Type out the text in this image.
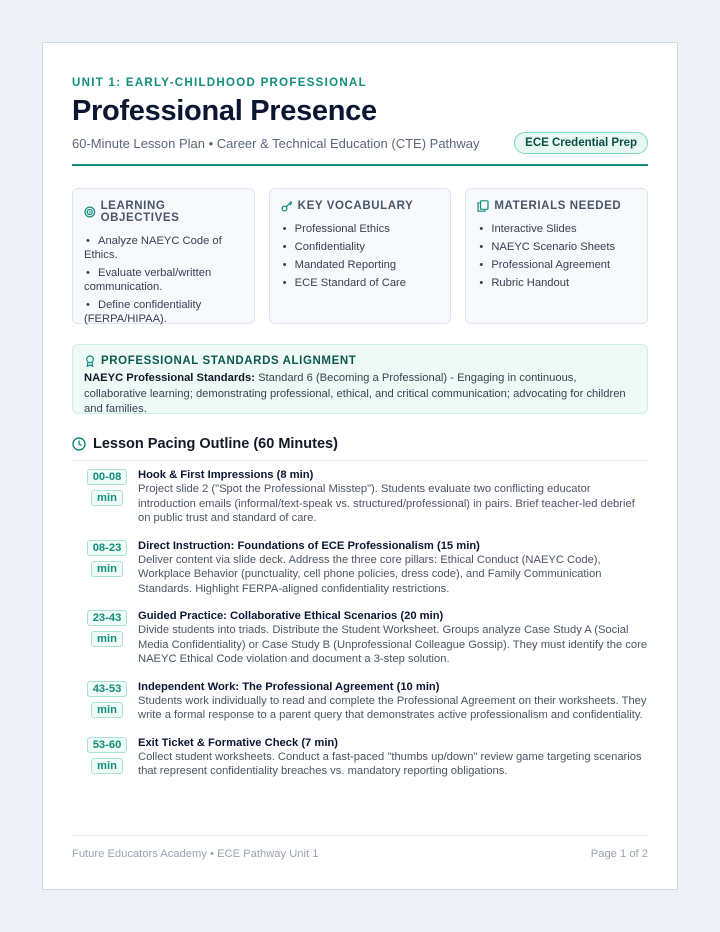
UNIT 1: EARLY-CHILDHOOD PROFESSIONAL
Professional Presence
60-Minute Lesson Plan • Career & Technical Education (CTE) Pathway	ECE Credential Prep
LEARNING OBJECTIVES
• Analyze NAEYC Code of Ethics.
• Evaluate verbal/written communication.
• Define confidentiality (FERPA/HIPAA).
KEY VOCABULARY
• Professional Ethics
• Confidentiality
• Mandated Reporting
• ECE Standard of Care
MATERIALS NEEDED
• Interactive Slides
• NAEYC Scenario Sheets
• Professional Agreement
• Rubric Handout
PROFESSIONAL STANDARDS ALIGNMENT

NAEYC Professional Standards: Standard 6 (Becoming a Professional) - Engaging in continuous, collaborative learning; demonstrating professional, ethical, and critical communication; advocating for children and families.

Lesson Pacing Outline (60 Minutes)
00-08
min
Hook & First Impressions (8 min)
Project slide 2 ("Spot the Professional Misstep"). Students evaluate two conflicting educator introduction emails (informal/text-speak vs. structured/professional) in pairs. Brief teacher-led debrief on public trust and standard of care.
08-23
min
Direct Instruction: Foundations of ECE Professionalism (15 min)
Deliver content via slide deck. Address the three core pillars: Ethical Conduct (NAEYC Code), Workplace Behavior (punctuality, cell phone policies, dress code), and Family Communication Standards. Highlight FERPA-aligned confidentiality restrictions.
23-43
min
Guided Practice: Collaborative Ethical Scenarios (20 min)
Divide students into triads. Distribute the Student Worksheet. Groups analyze Case Study A (Social Media Confidentiality) or Case Study B (Unprofessional Colleague Gossip). They must identify the core NAEYC Ethical Code violation and document a 3-step solution.
43-53
min
Independent Work: The Professional Agreement (10 min)
Students work individually to read and complete the Professional Agreement on their worksheets. They write a formal response to a parent query that demonstrates active professionalism and confidentiality.
53-60
min
Exit Ticket & Formative Check (7 min)
Collect student worksheets. Conduct a fast-paced "thumbs up/down" review game targeting scenarios that represent confidentiality breaches vs. mandatory reporting obligations.
Future Educators Academy • ECE Pathway Unit 1	Page 1 of 2
